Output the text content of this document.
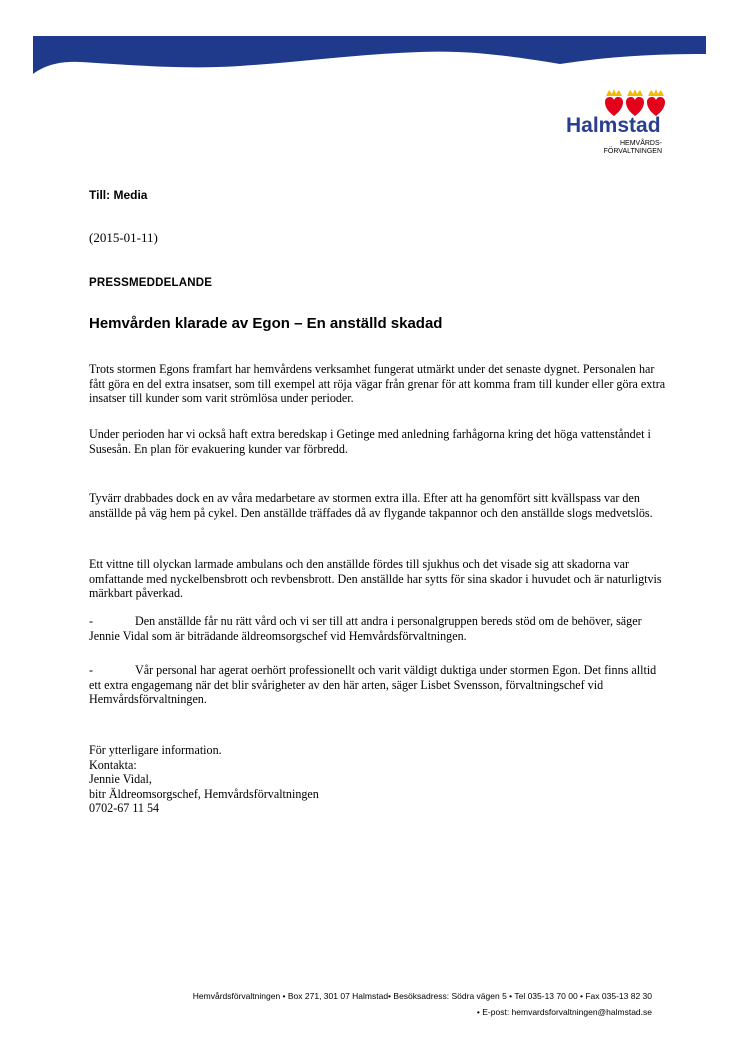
Halmstad
HEMVÅRDS-
FÖRVALTNINGEN
Till: Media
(2015-01-11)
PRESSMEDDELANDE
Hemvården klarade av Egon – En anställd skadad
Trots stormen Egons framfart har hemvårdens verksamhet fungerat utmärkt under det senaste dygnet. Personalen har fått göra en del extra insatser, som till exempel att röja vägar från grenar för att komma fram till kunder eller göra extra insatser till kunder som varit strömlösa under perioder.
Under perioden har vi också haft extra beredskap i Getinge med anledning farhågorna kring det höga vattenståndet i Susesån. En plan för evakuering kunder var förbredd.
Tyvärr drabbades dock en av våra medarbetare av stormen extra illa. Efter att ha genomfört sitt kvällspass var den anställde på väg hem på cykel. Den anställde träffades då av flygande takpannor och den anställde slogs medvetslös.
Ett vittne till olyckan larmade ambulans och den anställde fördes till sjukhus och det visade sig att skadorna var omfattande med nyckelbensbrott och revbensbrott. Den anställde har sytts för sina skador i huvudet och är naturligtvis märkbart påverkad.
-	Den anställde får nu rätt vård och vi ser till att andra i personalgruppen bereds stöd om de behöver, säger Jennie Vidal som är biträdande äldreomsorgschef vid Hemvårdsförvaltningen.
-	Vår personal har agerat oerhört professionellt och varit väldigt duktiga under stormen Egon. Det finns alltid ett extra engagemang när det blir svårigheter av den här arten, säger Lisbet Svensson, förvaltningschef vid Hemvårdsförvaltningen.
För ytterligare information.
Kontakta:
Jennie Vidal,
bitr Äldreomsorgschef, Hemvårdsförvaltningen
0702-67 11 54
Hemvårdsförvaltningen • Box 271, 301 07 Halmstad• Besöksadress: Södra vägen 5 • Tel 035-13 70 00 • Fax 035-13 82 30
• E-post: hemvardsforvaltningen@halmstad.se
